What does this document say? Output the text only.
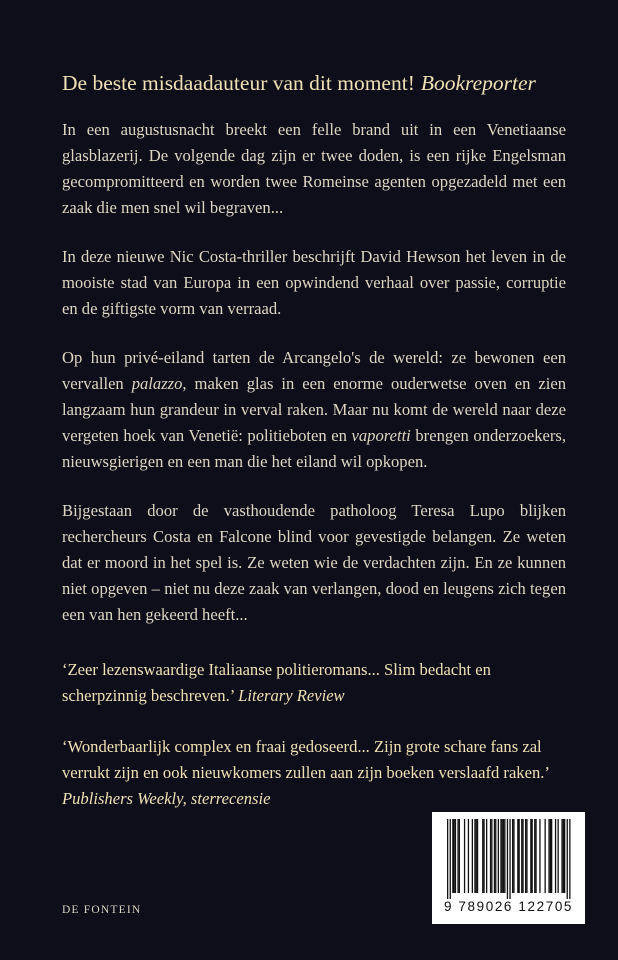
De beste misdaadauteur van dit moment! Bookreporter

In een augustusnacht breekt een felle brand uit in een Venetiaanse glasblazerij. De volgende dag zijn er twee doden, is een rijke Engelsman gecompromitteerd en worden twee Romeinse agenten opgezadeld met een zaak die men snel wil begraven...

In deze nieuwe Nic Costa-thriller beschrijft David Hewson het leven in de mooiste stad van Europa in een opwindend verhaal over passie, corruptie en de giftigste vorm van verraad.

Op hun privé-eiland tarten de Arcangelo's de wereld: ze bewonen een vervallen palazzo, maken glas in een enorme ouderwetse oven en zien langzaam hun grandeur in verval raken. Maar nu komt de wereld naar deze vergeten hoek van Venetië: politieboten en vaporetti brengen onderzoekers, nieuwsgierigen en een man die het eiland wil opkopen.

Bijgestaan door de vasthoudende patholoog Teresa Lupo blijken rechercheurs Costa en Falcone blind voor gevestigde belangen. Ze weten dat er moord in het spel is. Ze weten wie de verdachten zijn. En ze kunnen niet opgeven – niet nu deze zaak van verlangen, dood en leugens zich tegen een van hen gekeerd heeft...

‘Zeer lezenswaardige Italiaanse politieromans... Slim bedacht en scherpzinnig beschreven.’ Literary Review

‘Wonderbaarlijk complex en fraai gedoseerd... Zijn grote schare fans zal verrukt zijn en ook nieuwkomers zullen aan zijn boeken verslaafd raken.’
Publishers Weekly, sterrecensie

DE FONTEIN	9 789026 122705
